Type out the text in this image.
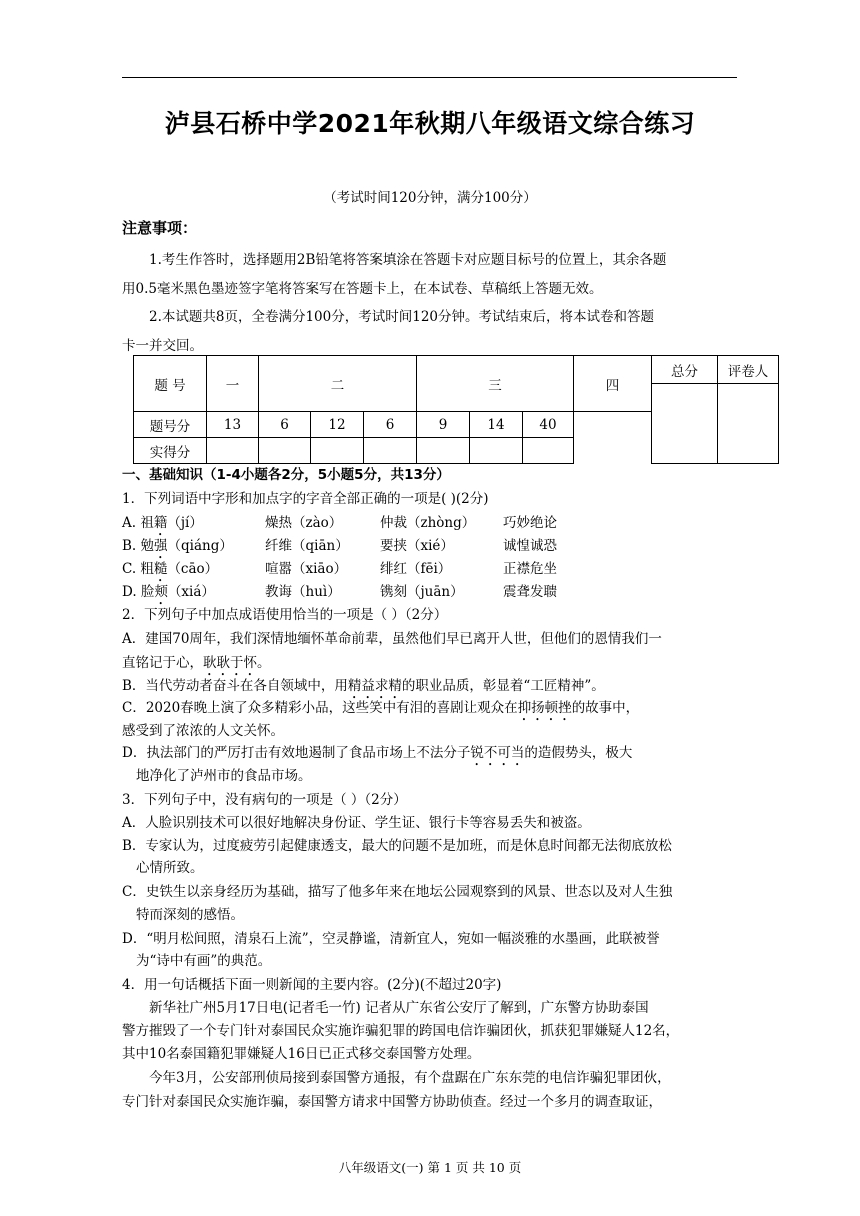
泸县石桥中学2021年秋期八年级语文综合练习
（考试时间120分钟，满分100分）
注意事项：
1.考生作答时，选择题用2B铅笔将答案填涂在答题卡对应题目标号的位置上，其余各题
用0.5毫米黑色墨迹签字笔将答案写在答题卡上，在本试卷、草稿纸上答题无效。
2.本试题共8页，全卷满分100分，考试时间120分钟。考试结束后，将本试卷和答题
卡一并交回。
题 号	一	二			三			四	总分	评卷人

题号分	13	6	12	6	9	14	40			
实得分										
一、基础知识（1-4小题各2分，5小题5分，共13分）
1．下列词语中字形和加点字的字音全部正确的一项是( )(2分)
A. 祖籍（jí）	燥热（zào）	仲裁（zhòng） 巧妙绝论
B. 勉强（qiáng） 纤维（qiān） 要挟（xié）	诚惶诚恐
C. 粗糙（cāo）	喧嚣（xiāo） 绯红（fēi）	正襟危坐
D. 脸颊（xiá）	教诲（huì）	镌刻（juān）	震聋发聩
2．下列句子中加点成语使用恰当的一项是（ ）（2分）
A．建国70周年，我们深情地缅怀革命前辈，虽然他们早已离开人世，但他们的恩情我们一
直铭记于心，耿耿于怀。
B．当代劳动者奋斗在各自领域中，用精益求精的职业品质，彰显着“工匠精神”。
C．2020春晚上演了众多精彩小品，这些笑中有泪的喜剧让观众在抑扬顿挫的故事中，
感受到了浓浓的人文关怀。
D．执法部门的严厉打击有效地遏制了食品市场上不法分子锐不可当的造假势头，极大
地净化了泸州市的食品市场。
3．下列句子中，没有病句的一项是（ ）（2分）
A．人脸识别技术可以很好地解决身份证、学生证、银行卡等容易丢失和被盗。
B．专家认为，过度疲劳引起健康透支，最大的问题不是加班，而是休息时间都无法彻底放松
心情所致。
C．史铁生以亲身经历为基础，描写了他多年来在地坛公园观察到的风景、世态以及对人生独
特而深刻的感悟。
D．“明月松间照，清泉石上流”，空灵静谧，清新宜人，宛如一幅淡雅的水墨画，此联被誉
为“诗中有画”的典范。
4．用一句话概括下面一则新闻的主要内容。(2分)(不超过20字)
新华社广州5月17日电(记者毛一竹) 记者从广东省公安厅了解到，广东警方协助泰国
警方摧毁了一个专门针对泰国民众实施诈骗犯罪的跨国电信诈骗团伙，抓获犯罪嫌疑人12名，
其中10名泰国籍犯罪嫌疑人16日已正式移交泰国警方处理。
今年3月，公安部刑侦局接到泰国警方通报，有个盘踞在广东东莞的电信诈骗犯罪团伙，
专门针对泰国民众实施诈骗，泰国警方请求中国警方协助侦查。经过一个多月的调查取证，
八年级语文(一) 第 1 页 共 10 页
